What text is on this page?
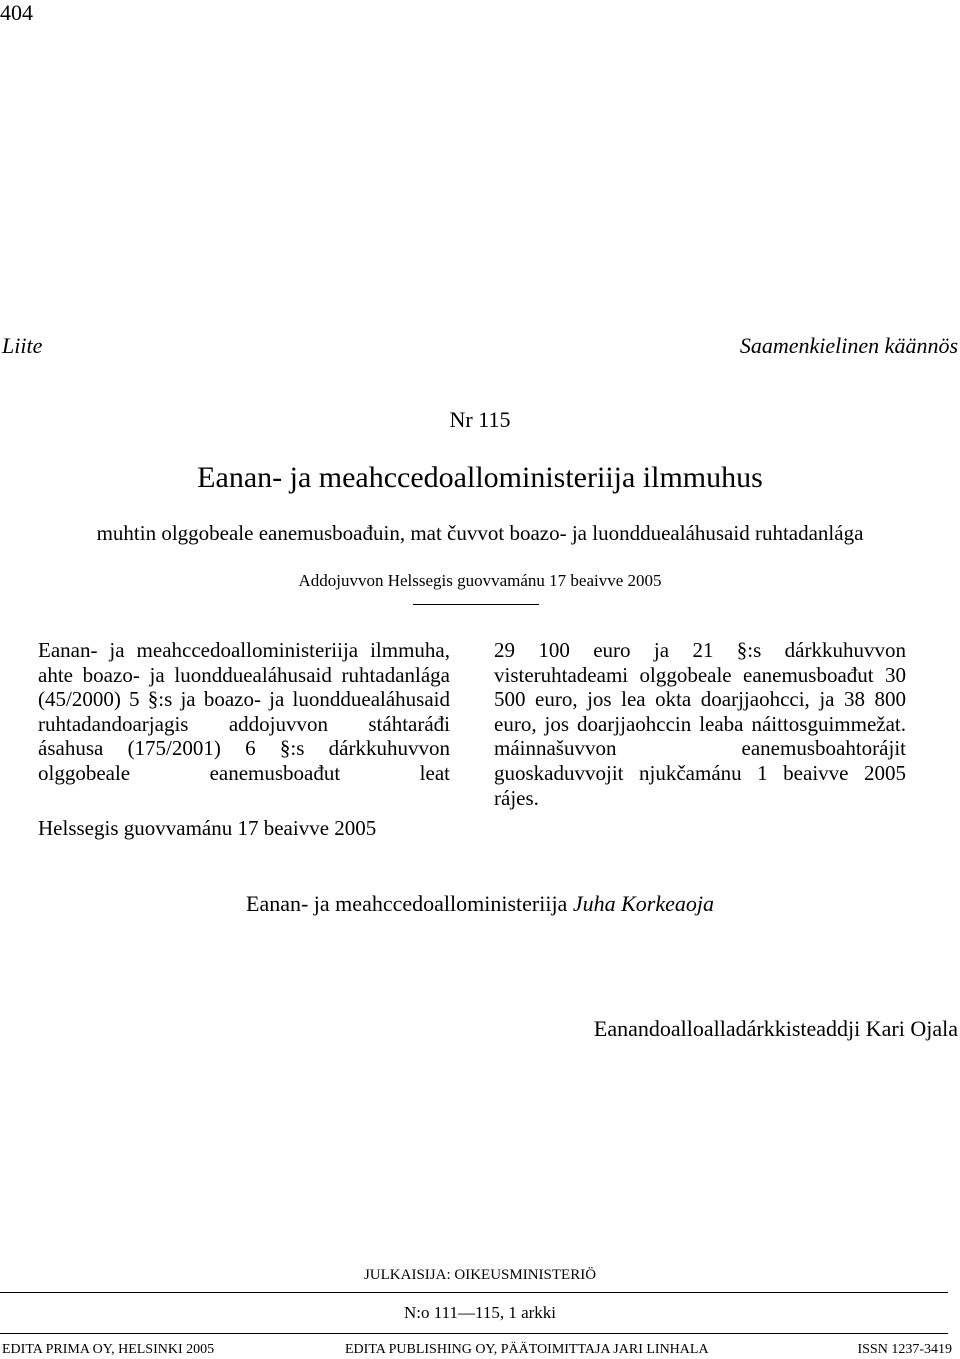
404
Liite	Saamenkielinen käännös
Nr 115
Eanan- ja meahccedoalloministeriija ilmmuhus
muhtin olggobeale eanemusboađuin, mat čuvvot boazo- ja luondduealáhusaid ruhtadanlága
Addojuvvon Helssegis guovvamánu 17 beaivve 2005

Eanan- ja meahccedoalloministeriija ilmmuha, ahte boazo- ja luondduealáhusaid ruhtadanlága (45/2000) 5 §:s ja boazo- ja luondduealáhusaid ruhtadandoarjagis addojuvvon stáhtaráđi ásahusa (175/2001) 6 §:s dárkkuhuvvon olggobeale eanemusboađut leat

29 100 euro ja 21 §:s dárkkuhuvvon visteruhtadeami olggobeale eanemusboađut 30 500 euro, jos lea okta doarjjaohcci, ja 38 800 euro, jos doarjjaohccin leaba náittosguimmežat. máinnašuvvon eanemusboahtorájit guoskaduvvojit njukčamánu 1 beaivve 2005 rájes.

Helssegis guovvamánu 17 beaivve 2005
Eanan- ja meahccedoalloministeriija Juha Korkeaoja
Eanandoalloalladárkkisteaddji Kari Ojala
JULKAISIJA: OIKEUSMINISTERIÖ
N:o 111—115, 1 arkki
EDITA PRIMA OY, HELSINKI 2005	EDITA PUBLISHING OY, PÄÄTOIMITTAJA JARI LINHALA	ISSN 1237-3419
